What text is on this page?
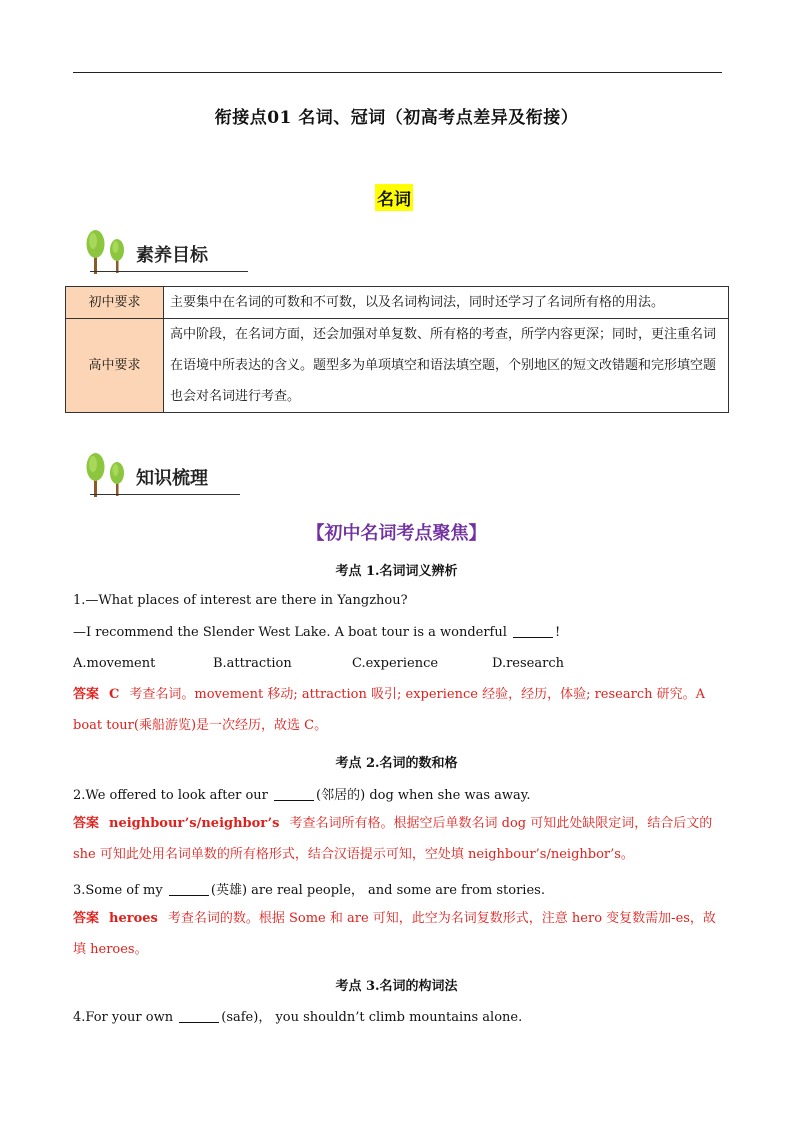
衔接点01 名词、冠词（初高考点差异及衔接）
名词
素养目标
初中要求	主要集中在名词的可数和不可数，以及名词构词法，同时还学习了名词所有格的用法。
高中要求	高中阶段，在名词方面，还会加强对单复数、所有格的考查，所学内容更深；同时，更注重名词在语境中所表达的含义。题型多为单项填空和语法填空题，个别地区的短文改错题和完形填空题也会对名词进行考查。
知识梳理
【初中名词考点聚焦】
考点 1.名词词义辨析
1.—What places of interest are there in Yangzhou?
—I recommend the Slender West Lake. A boat tour is a wonderful	!
A.movement	B.attraction	C.experience	D.research
答案 C 考查名词。movement 移动; attraction 吸引; experience 经验，经历，体验; research 研究。A boat tour(乘船游览)是一次经历，故选 C。
考点 2.名词的数和格
2.We offered to look after our	(邻居的) dog when she was away.
答案 neighbour’s/neighbor’s 考查名词所有格。根据空后单数名词 dog 可知此处缺限定词，结合后文的 she 可知此处用名词单数的所有格形式，结合汉语提示可知，空处填 neighbour’s/neighbor’s。
3.Some of my	(英雄) are real people， and some are from stories.
答案 heroes 考查名词的数。根据 Some 和 are 可知，此空为名词复数形式，注意 hero 变复数需加-es，故填 heroes。
考点 3.名词的构词法
4.For your own	(safe)， you shouldn’t climb mountains alone.
